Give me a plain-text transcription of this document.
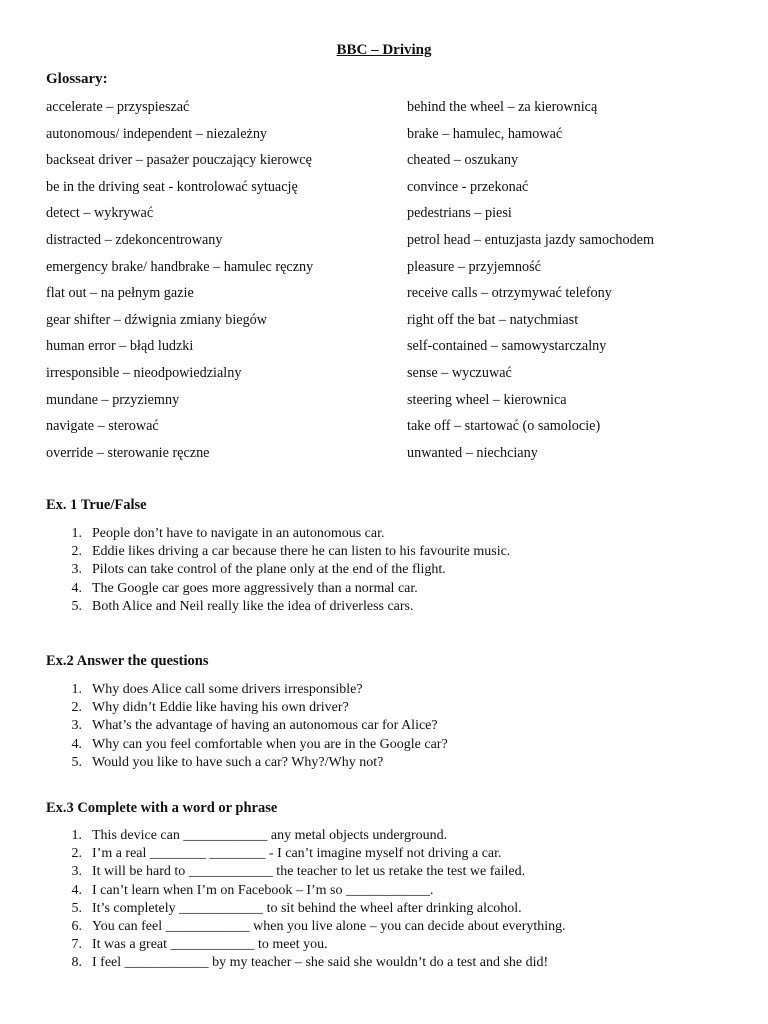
BBC – Driving
Glossary:
accelerate – przyspieszać
autonomous/ independent – niezależny
backseat driver – pasażer pouczający kierowcę
be in the driving seat - kontrolować sytuację
detect – wykrywać
distracted – zdekoncentrowany
emergency brake/ handbrake – hamulec ręczny
flat out – na pełnym gazie
gear shifter – dźwignia zmiany biegów
human error – błąd ludzki
irresponsible – nieodpowiedzialny
mundane – przyziemny
navigate – sterować
override – sterowanie ręczne
behind the wheel – za kierownicą
brake – hamulec, hamować
cheated – oszukany
convince - przekonać
pedestrians – piesi
petrol head – entuzjasta jazdy samochodem
pleasure – przyjemność
receive calls – otrzymywać telefony
right off the bat – natychmiast
self-contained – samowystarczalny
sense – wyczuwać
steering wheel – kierownica
take off – startować (o samolocie)
unwanted – niechciany
Ex. 1 True/False
1. People don’t have to navigate in an autonomous car.
2. Eddie likes driving a car because there he can listen to his favourite music.
3. Pilots can take control of the plane only at the end of the flight.
4. The Google car goes more aggressively than a normal car.
5. Both Alice and Neil really like the idea of driverless cars.
Ex.2 Answer the questions
1. Why does Alice call some drivers irresponsible?
2. Why didn’t Eddie like having his own driver?
3. What’s the advantage of having an autonomous car for Alice?
4. Why can you feel comfortable when you are in the Google car?
5. Would you like to have such a car? Why?/Why not?
Ex.3 Complete with a word or phrase
1. This device can ____________ any metal objects underground.
2. I’m a real ________ ________ - I can’t imagine myself not driving a car.
3. It will be hard to ____________ the teacher to let us retake the test we failed.
4. I can’t learn when I’m on Facebook – I’m so ____________.
5. It’s completely ____________ to sit behind the wheel after drinking alcohol.
6. You can feel ____________ when you live alone – you can decide about everything.
7. It was a great ____________ to meet you.
8. I feel ____________ by my teacher – she said she wouldn’t do a test and she did!
